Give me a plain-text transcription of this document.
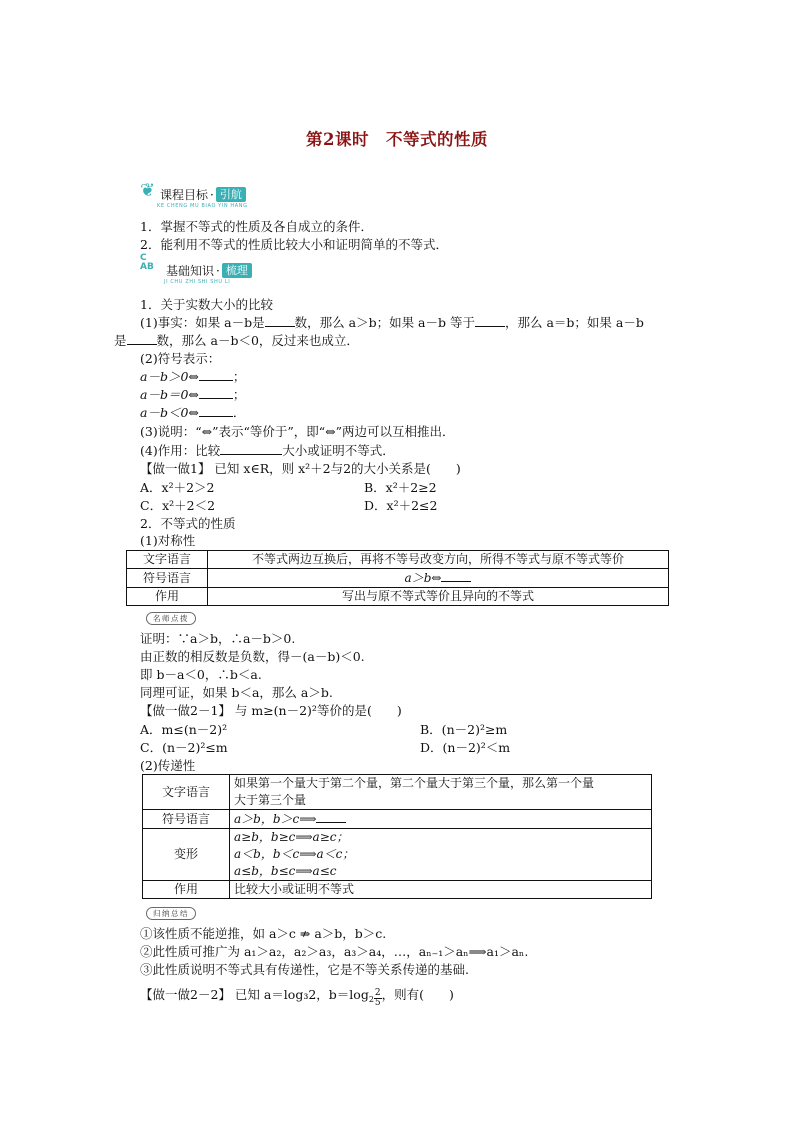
第2课时　不等式的性质
❦ 课程目标 · 引航
KE CHENG MU BIAO YIN HANG
1．掌握不等式的性质及各自成立的条件．
2．能利用不等式的性质比较大小和证明简单的不等式．
C
AB 基础知识 · 梳理
JI CHU ZHI SHI SHU LI
1．关于实数大小的比较
(1)事实：如果 a－b是 数，那么 a＞b；如果 a－b 等于 ，那么 a＝b；如果 a－b
是 数，那么 a－b＜0，反过来也成立．
(2)符号表示：
a－b＞0⇔	；
a－b＝0⇔	；
a－b＜0⇔	．
(3)说明：“⇔”表示“等价于”，即“⇔”两边可以互相推出．
(4)作用：比较	大小或证明不等式．
【做一做1】 已知 x∈R，则 x²＋2与2的大小关系是(　　)
A．x²＋2＞2	B．x²＋2≥2
C．x²＋2＜2	D．x²＋2≤2
2．不等式的性质
(1)对称性
文字语言	不等式两边互换后，再将不等号改变方向，所得不等式与原不等式等价
符号语言	a＞b⇔
作用	写出与原不等式等价且异向的不等式
名师点拨
证明：∵a＞b，∴a－b＞0.
由正数的相反数是负数，得－(a－b)＜0.
即 b－a＜0，∴b＜a.
同理可证，如果 b＜a，那么 a＞b.
【做一做2－1】 与 m≥(n－2)²等价的是(　　)
A．m≤(n－2)²	B．(n－2)²≥m
C．(n－2)²≤m	D．(n－2)²＜m
(2)传递性
文字语言	如果第一个量大于第二个量，第二个量大于第三个量，那么第一个量
大于第三个量

符号语言	a＞b，b＞c⟹
变形	a≥b，b≥c⟹a≥c；
a＜b，b＜c⟹a＜c；
a≤b，b≤c⟹a≤c

作用	比较大小或证明不等式
归纳总结
①该性质不能逆推，如 a＞c ⇏ a＞b，b＞c.
②此性质可推广为 a₁＞a₂，a₂＞a₃，a₃＞a₄，…，aₙ₋₁＞aₙ⟹a₁＞aₙ.
③此性质说明不等式具有传递性，它是不等关系传递的基础.
【做一做2－2】 已知 a＝log₃2，$b=\log_2 \frac{2}{5}$ ，则有(　　)
